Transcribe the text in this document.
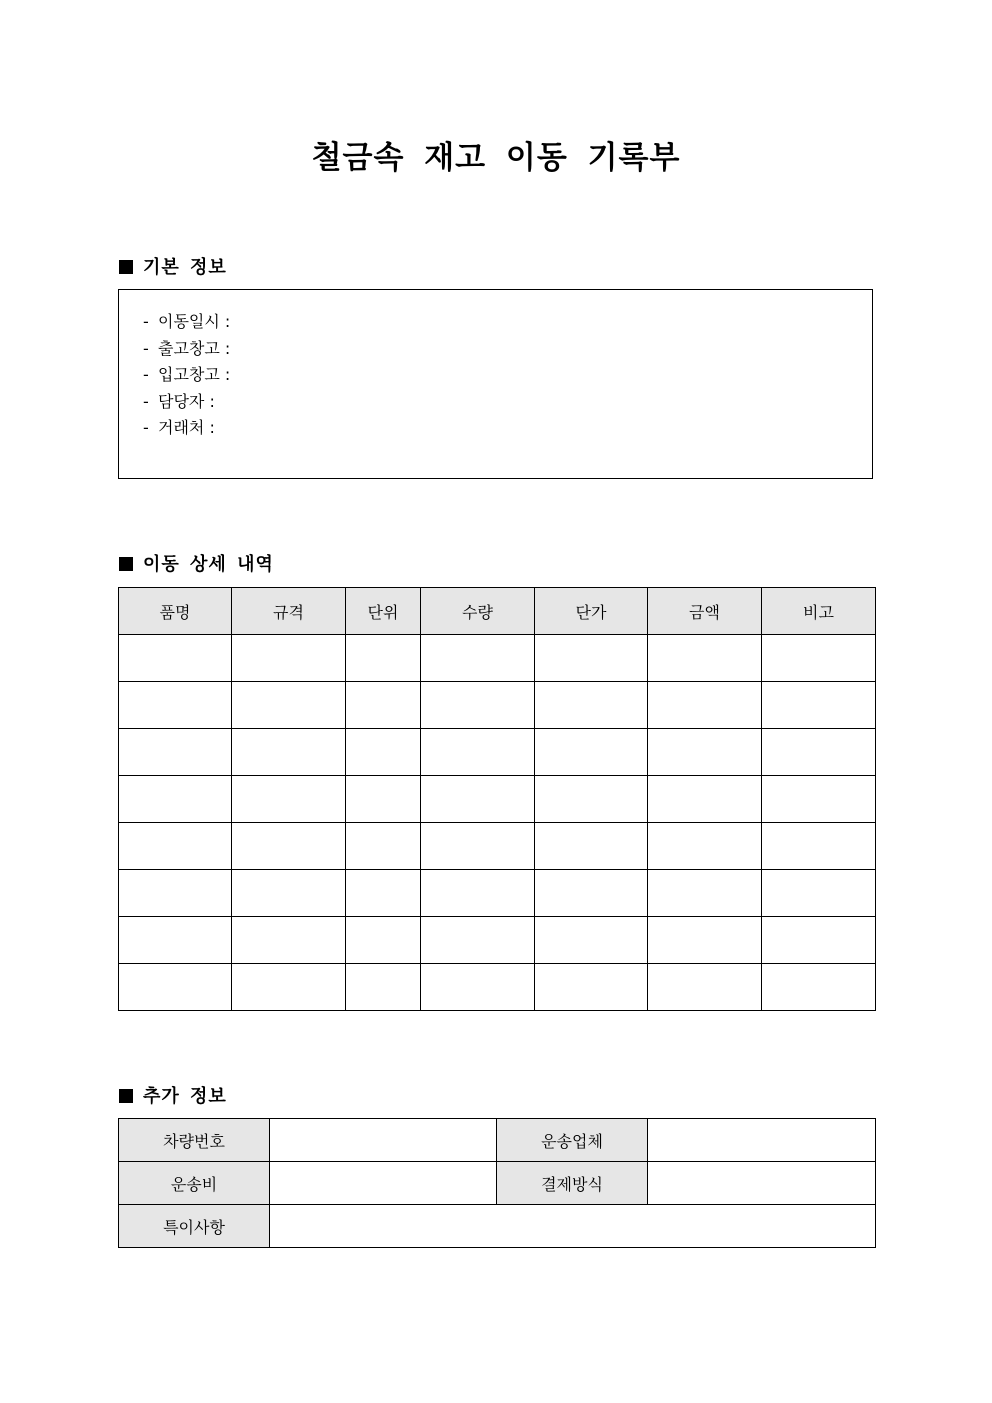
철금속 재고 이동 기록부
기본 정보
- 이동일시 :
- 출고창고 :
- 입고창고 :
- 담당자 :
- 거래처 :
이동 상세 내역
품명	규격	단위	수량	단가	금액	비고

추가 정보
차량번호		운송업체	
운송비		결제방식	
특이사항			
